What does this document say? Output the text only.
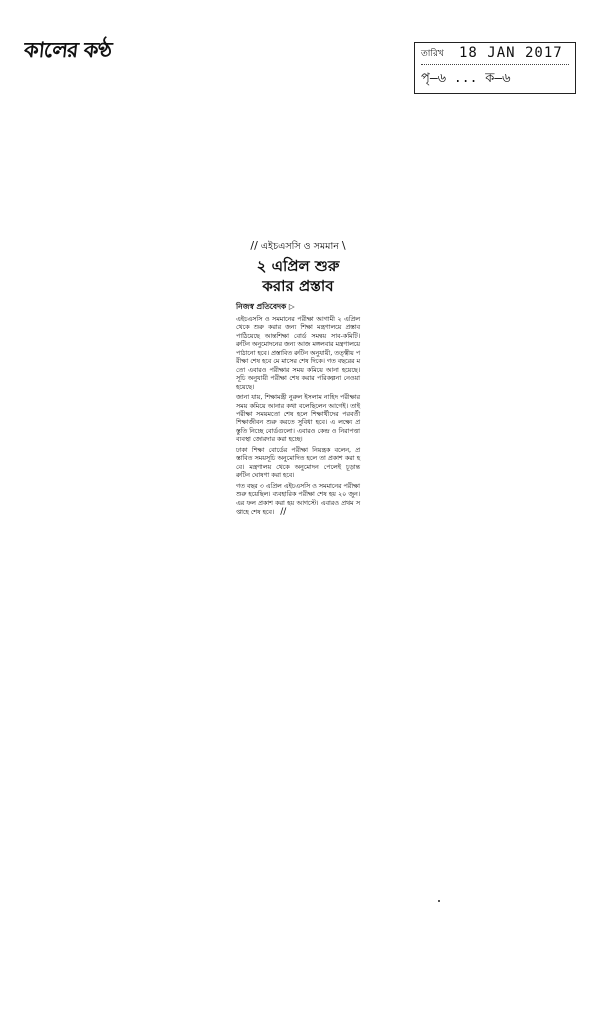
কালের কণ্ঠ	তারিখ 18 JAN 2017
পৃ—৬ ... ক—৬
// এইচএসসি ও সমমান \
২ এপ্রিল শুরু
করার প্রস্তাব
নিজস্ব প্রতিবেদক ▷

এইচএসসি ও সমমানের পরীক্ষা আগামী ২ এপ্রিল থেকে শুরু করার জন্য শিক্ষা মন্ত্রণালয়ে প্রস্তাব পাঠিয়েছে আন্তশিক্ষা বোর্ড সমন্বয় সাব-কমিটি। রুটিন অনুমোদনের জন্য আজ মঙ্গলবার মন্ত্রণালয়ে পাঠানো হবে। প্রস্তাবিত রুটিন অনুযায়ী, তত্ত্বীয় পরীক্ষা শেষ হবে মে মাসের শেষ দিকে। গত বছরের মতো এবারও পরীক্ষার সময় কমিয়ে আনা হয়েছে। সূচি অনুযায়ী পরীক্ষা শেষ করার পরিকল্পনা নেওয়া হয়েছে।

জানা যায়, শিক্ষামন্ত্রী নুরুল ইসলাম নাহিদ পরীক্ষার সময় কমিয়ে আনার কথা বলেছিলেন আগেই। তাই পরীক্ষা সময়মতো শেষ হলে শিক্ষার্থীদের পরবর্তী শিক্ষাজীবন শুরু করতে সুবিধা হবে। এ লক্ষ্যে প্রস্তুতি নিচ্ছে বোর্ডগুলো। এবারও কেন্দ্র ও নিরাপত্তা ব্যবস্থা জোরদার করা হচ্ছে।

ঢাকা শিক্ষা বোর্ডের পরীক্ষা নিয়ন্ত্রক বলেন, প্রস্তাবিত সময়সূচি অনুমোদিত হলে তা প্রকাশ করা হবে। মন্ত্রণালয় থেকে অনুমোদন পেলেই চূড়ান্ত রুটিন ঘোষণা করা হবে।

গত বছর ৩ এপ্রিল এইচএসসি ও সমমানের পরীক্ষা শুরু হয়েছিল। ব্যবহারিক পরীক্ষা শেষ হয় ২০ জুন। এর ফল প্রকাশ করা হয় আগস্টে। এবারও প্রথম সপ্তাহে শেষ হবে। //
